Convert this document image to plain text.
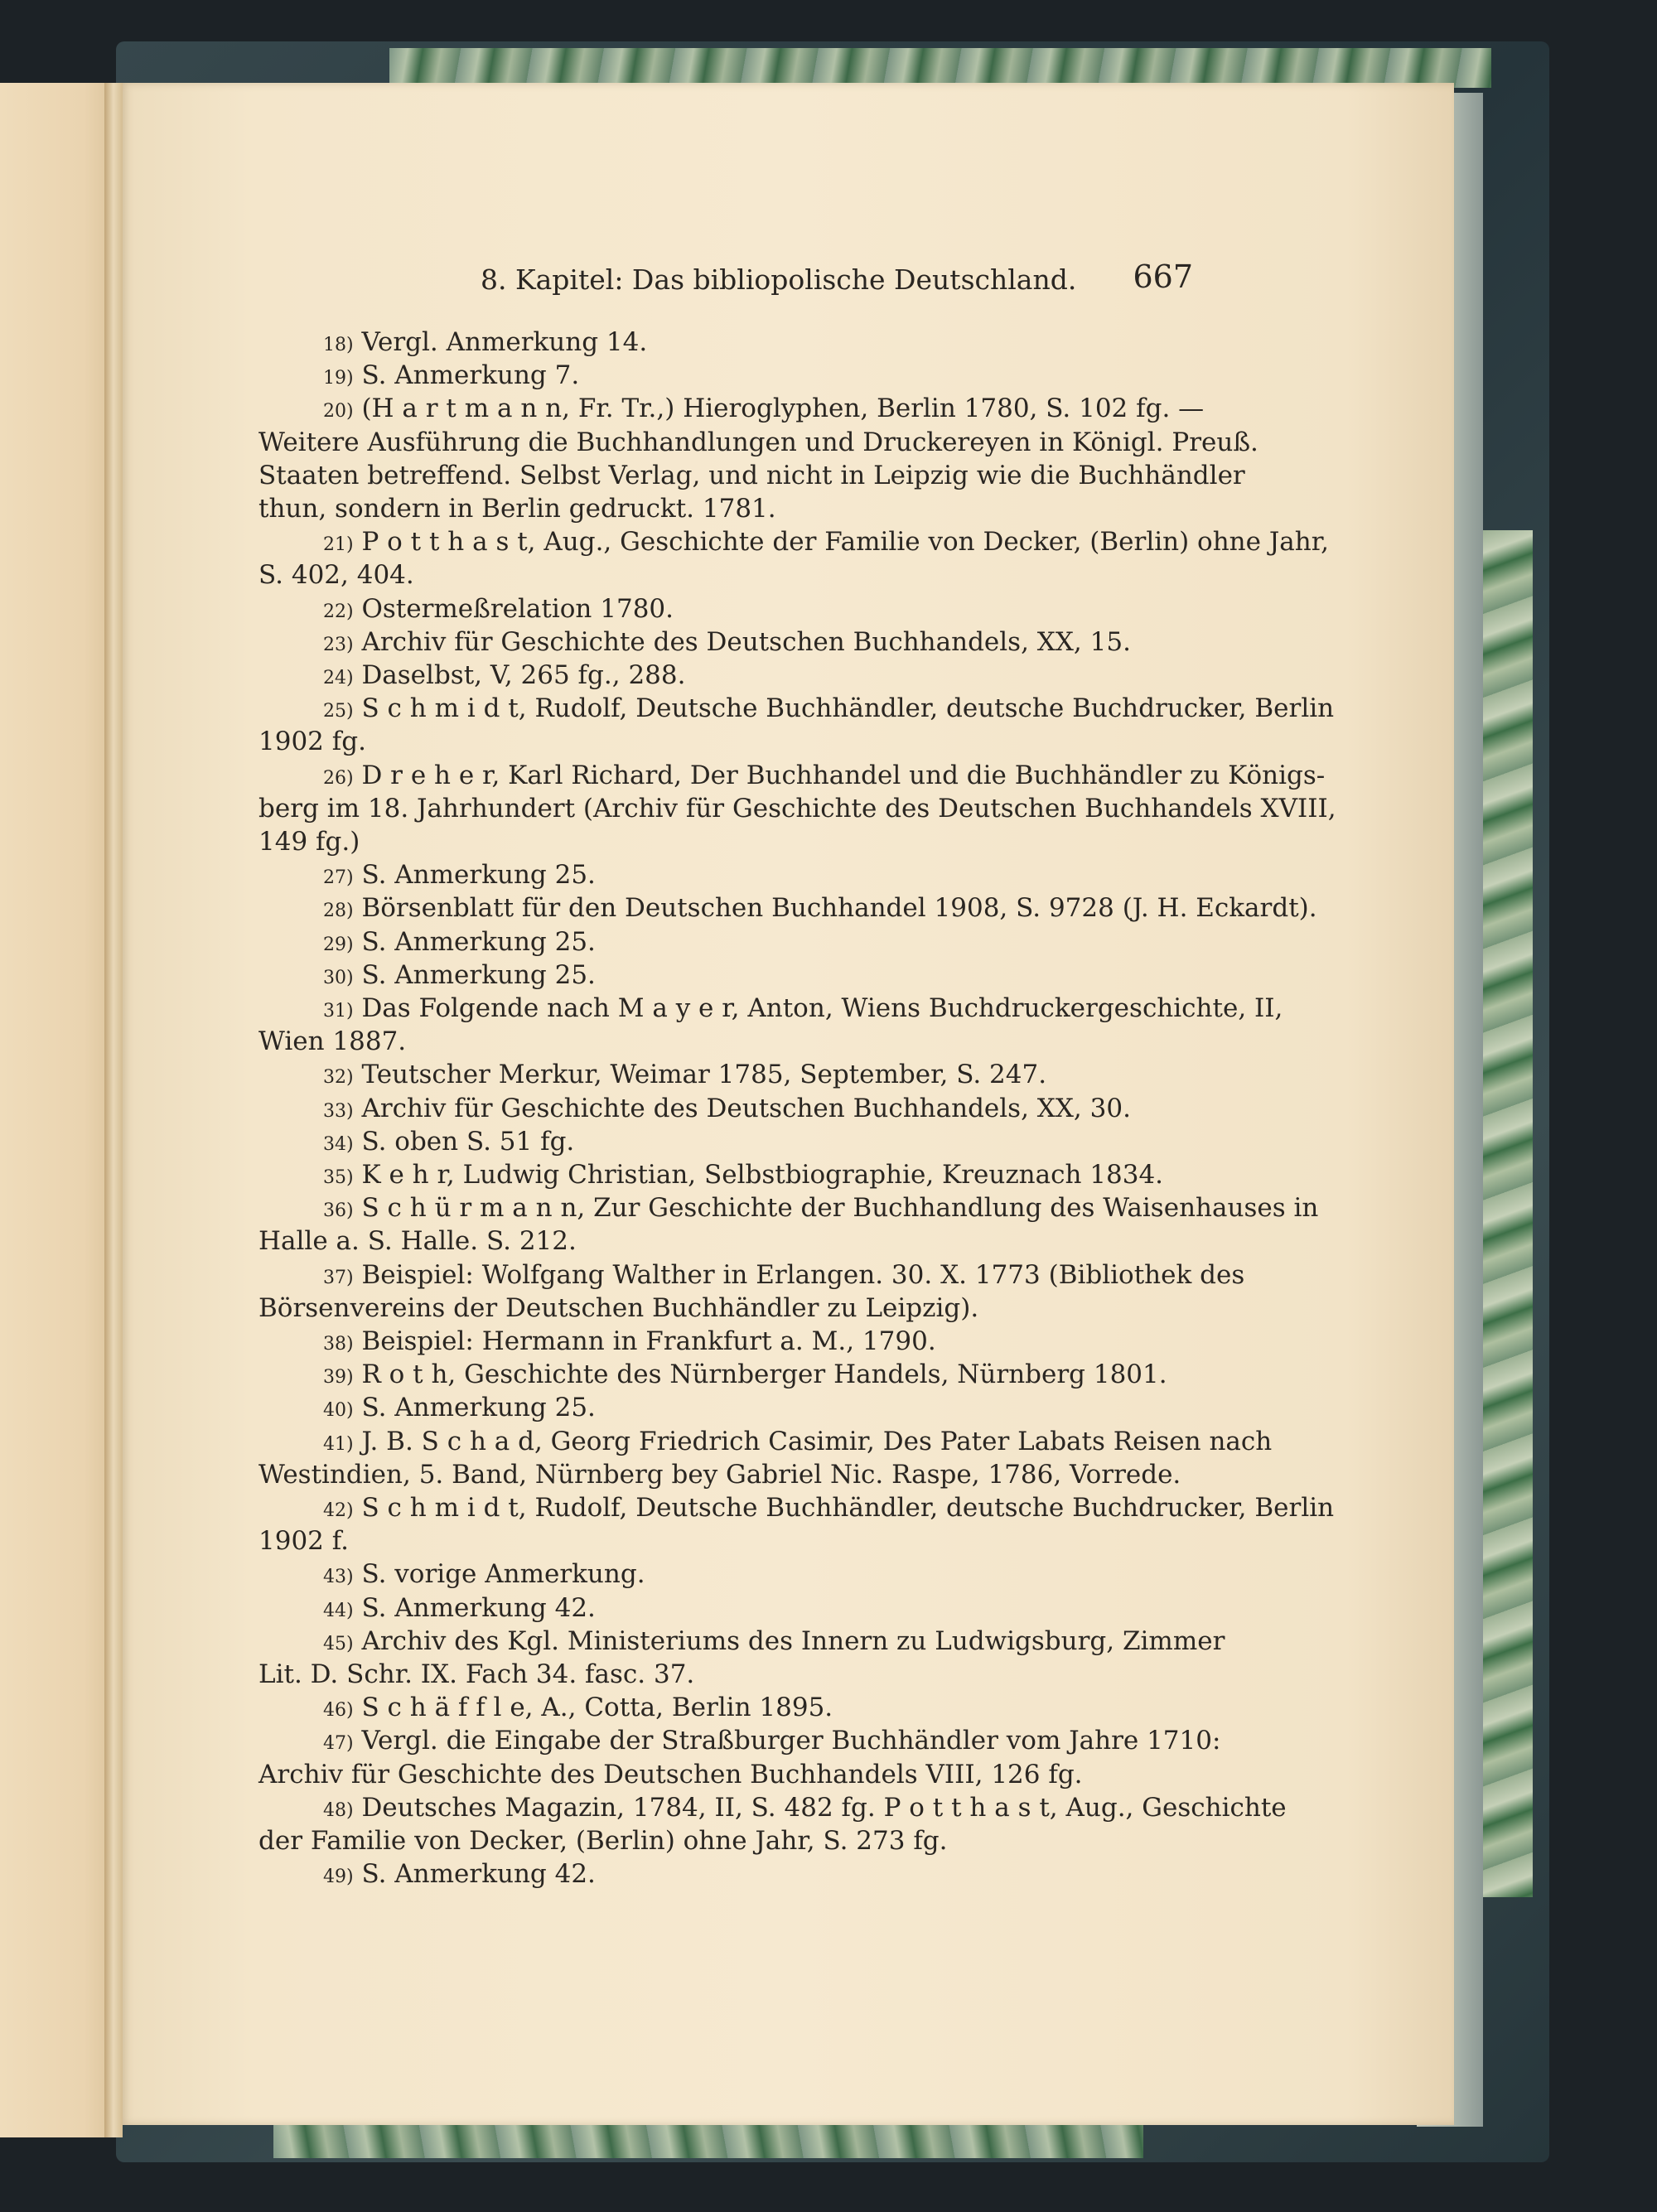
8. Kapitel: Das bibliopolische Deutschland.	667
18) Vergl. Anmerkung 14.
19) S. Anmerkung 7.
20) (H a r t m a n n, Fr. Tr.,) Hieroglyphen, Berlin 1780, S. 102 fg. —
Weitere Ausführung die Buchhandlungen und Druckereyen in Königl. Preuß.
Staaten betreffend. Selbst Verlag, und nicht in Leipzig wie die Buchhändler
thun, sondern in Berlin gedruckt. 1781.
21) P o t t h a s t, Aug., Geschichte der Familie von Decker, (Berlin) ohne Jahr,
S. 402, 404.
22) Ostermeßrelation 1780.
23) Archiv für Geschichte des Deutschen Buchhandels, XX, 15.
24) Daselbst, V, 265 fg., 288.
25) S c h m i d t, Rudolf, Deutsche Buchhändler, deutsche Buchdrucker, Berlin
1902 fg.
26) D r e h e r, Karl Richard, Der Buchhandel und die Buchhändler zu Königs-
berg im 18. Jahrhundert (Archiv für Geschichte des Deutschen Buchhandels XVIII,
149 fg.)
27) S. Anmerkung 25.
28) Börsenblatt für den Deutschen Buchhandel 1908, S. 9728 (J. H. Eckardt).
29) S. Anmerkung 25.
30) S. Anmerkung 25.
31) Das Folgende nach M a y e r, Anton, Wiens Buchdruckergeschichte, II,
Wien 1887.
32) Teutscher Merkur, Weimar 1785, September, S. 247.
33) Archiv für Geschichte des Deutschen Buchhandels, XX, 30.
34) S. oben S. 51 fg.
35) K e h r, Ludwig Christian, Selbstbiographie, Kreuznach 1834.
36) S c h ü r m a n n, Zur Geschichte der Buchhandlung des Waisenhauses in
Halle a. S. Halle. S. 212.
37) Beispiel: Wolfgang Walther in Erlangen. 30. X. 1773 (Bibliothek des
Börsenvereins der Deutschen Buchhändler zu Leipzig).
38) Beispiel: Hermann in Frankfurt a. M., 1790.
39) R o t h, Geschichte des Nürnberger Handels, Nürnberg 1801.
40) S. Anmerkung 25.
41) J. B. S c h a d, Georg Friedrich Casimir, Des Pater Labats Reisen nach
Westindien, 5. Band, Nürnberg bey Gabriel Nic. Raspe, 1786, Vorrede.
42) S c h m i d t, Rudolf, Deutsche Buchhändler, deutsche Buchdrucker, Berlin
1902 f.
43) S. vorige Anmerkung.
44) S. Anmerkung 42.
45) Archiv des Kgl. Ministeriums des Innern zu Ludwigsburg, Zimmer
Lit. D. Schr. IX. Fach 34. fasc. 37.
46) S c h ä f f l e, A., Cotta, Berlin 1895.
47) Vergl. die Eingabe der Straßburger Buchhändler vom Jahre 1710:
Archiv für Geschichte des Deutschen Buchhandels VIII, 126 fg.
48) Deutsches Magazin, 1784, II, S. 482 fg. P o t t h a s t, Aug., Geschichte
der Familie von Decker, (Berlin) ohne Jahr, S. 273 fg.
49) S. Anmerkung 42.
